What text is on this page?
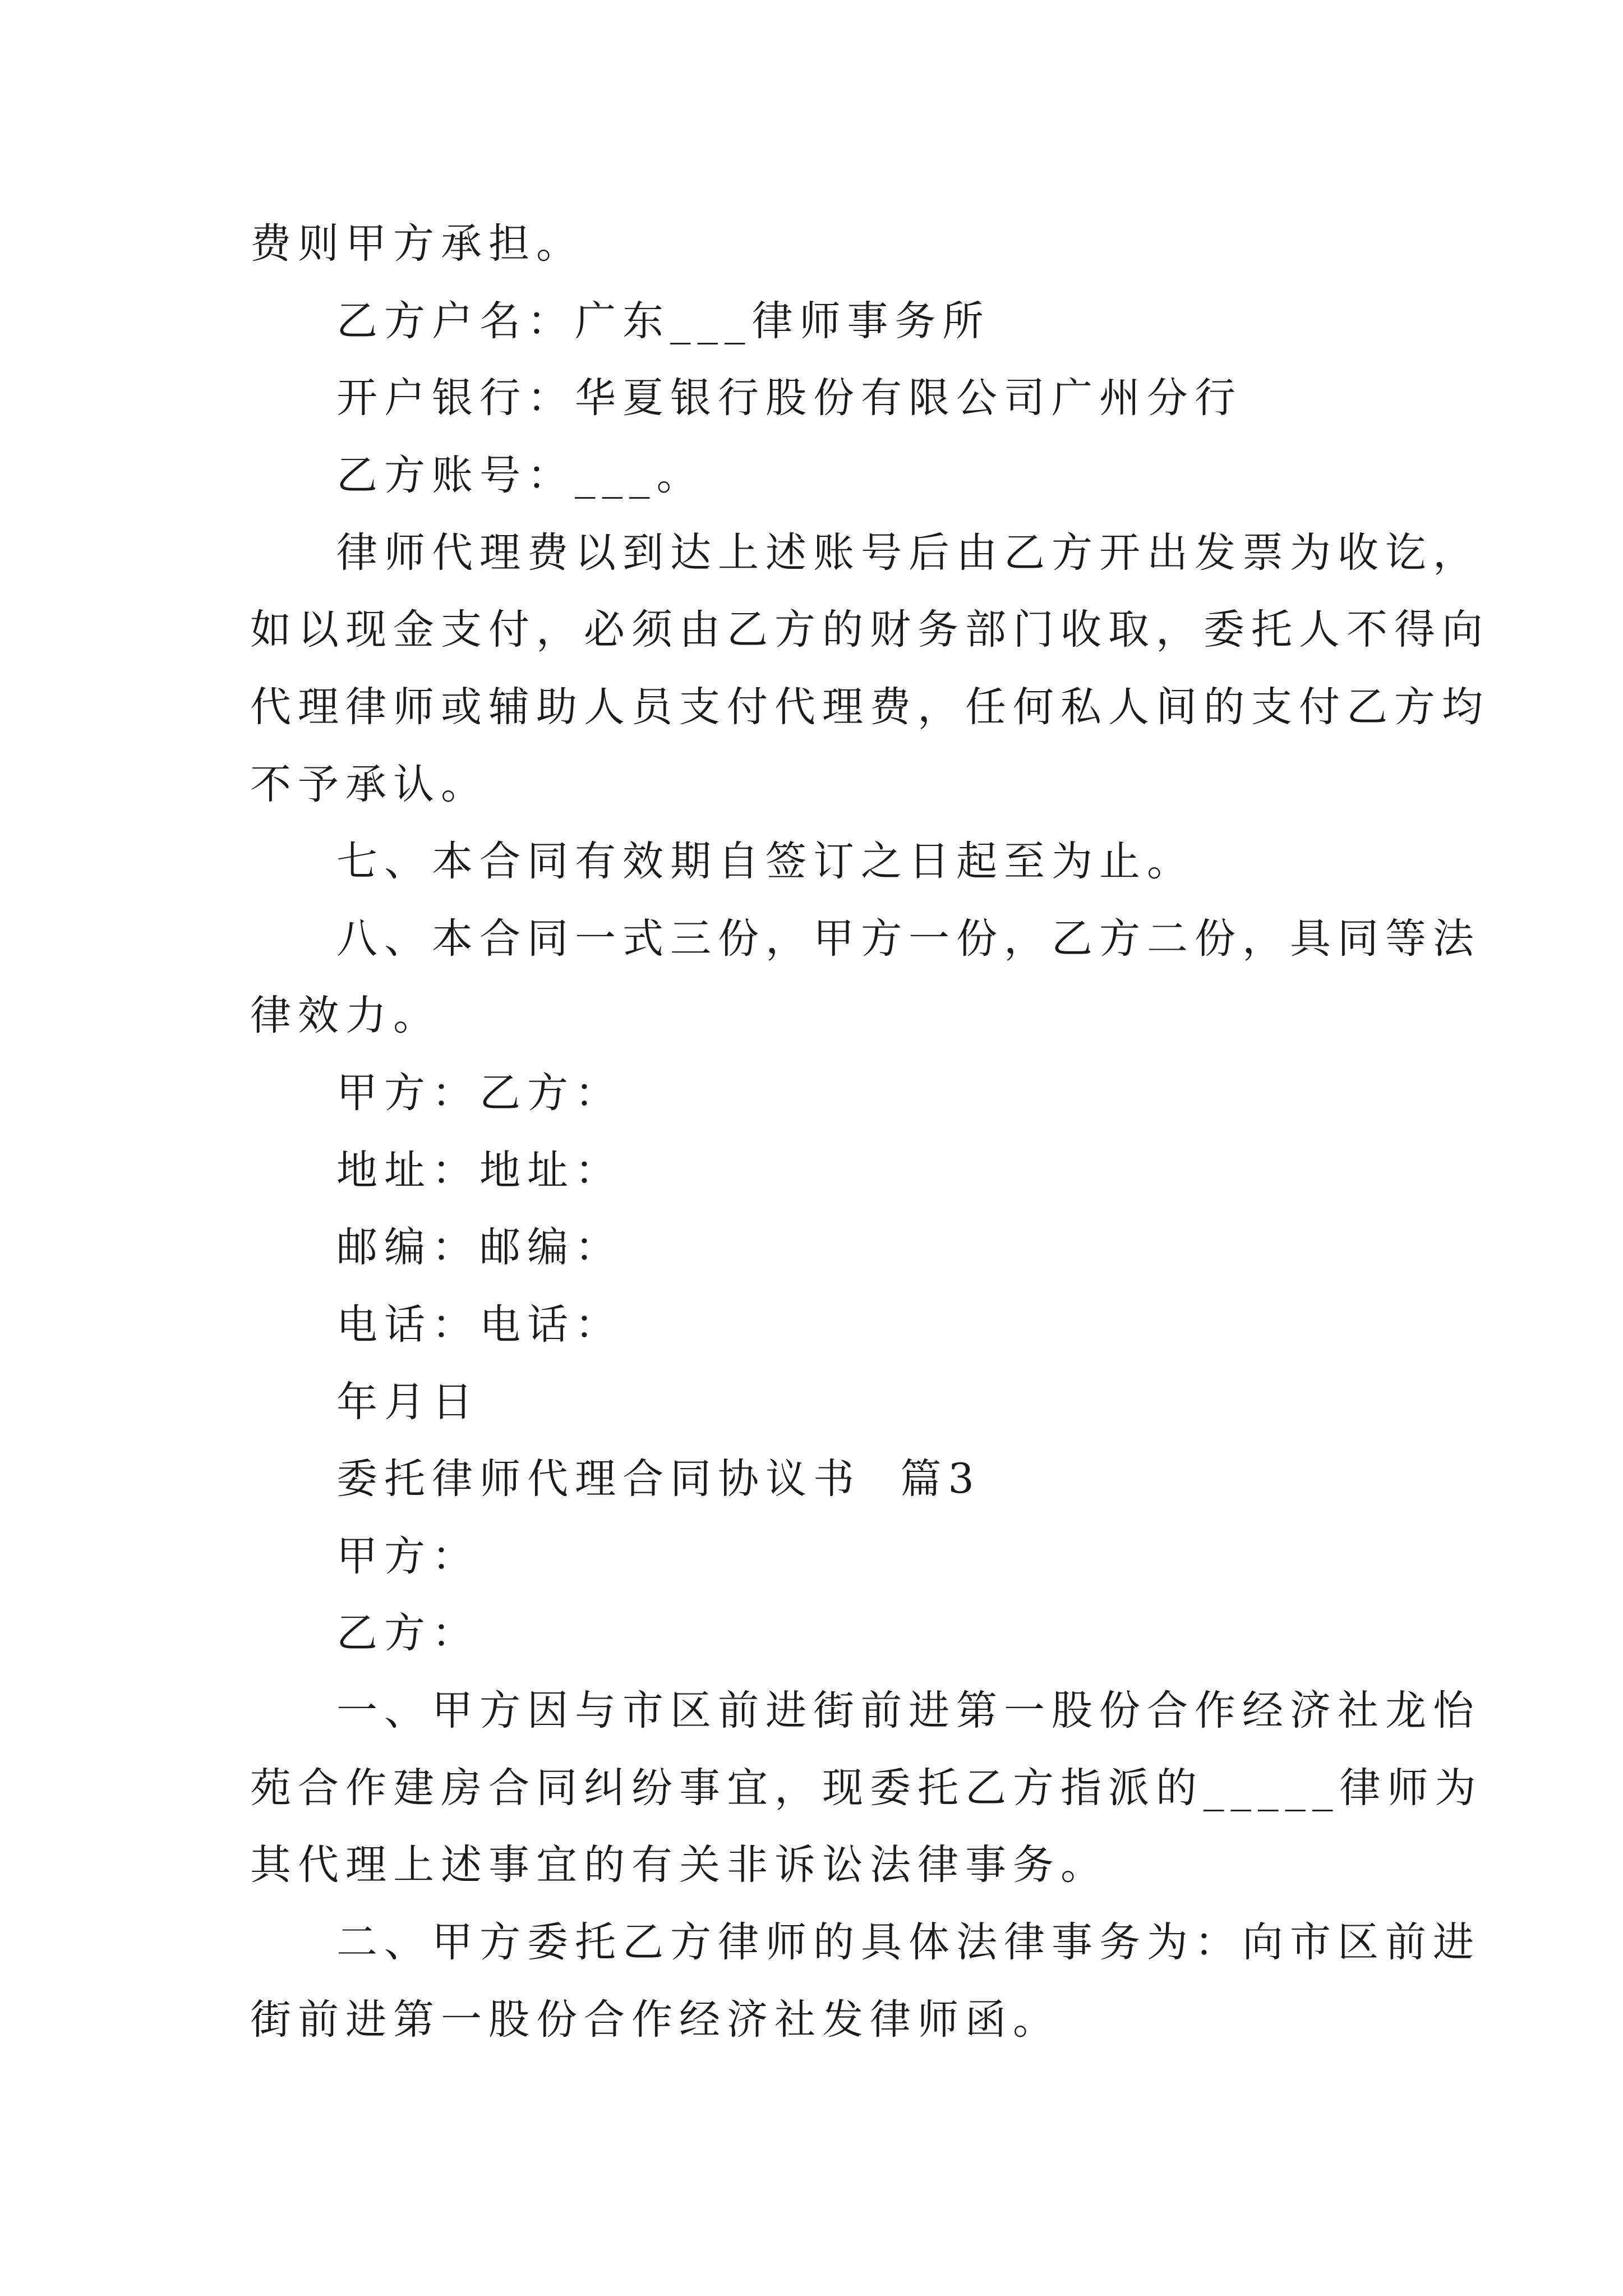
费则甲方承担。
乙方户名：广东___律师事务所
开户银行：华夏银行股份有限公司广州分行
乙方账号：___。
律师代理费以到达上述账号后由乙方开出发票为收讫，
如以现金支付，必须由乙方的财务部门收取，委托人不得向
代理律师或辅助人员支付代理费，任何私人间的支付乙方均
不予承认。
七、本合同有效期自签订之日起至为止。
八、本合同一式三份，甲方一份，乙方二份，具同等法
律效力。
甲方：乙方：
地址：地址：
邮编：邮编：
电话：电话：
年月日
委托律师代理合同协议书  篇3
甲方：
乙方：
一、甲方因与市区前进街前进第一股份合作经济社龙怡
苑合作建房合同纠纷事宜，现委托乙方指派的_____律师为
其代理上述事宜的有关非诉讼法律事务。
二、甲方委托乙方律师的具体法律事务为：向市区前进
街前进第一股份合作经济社发律师函。
